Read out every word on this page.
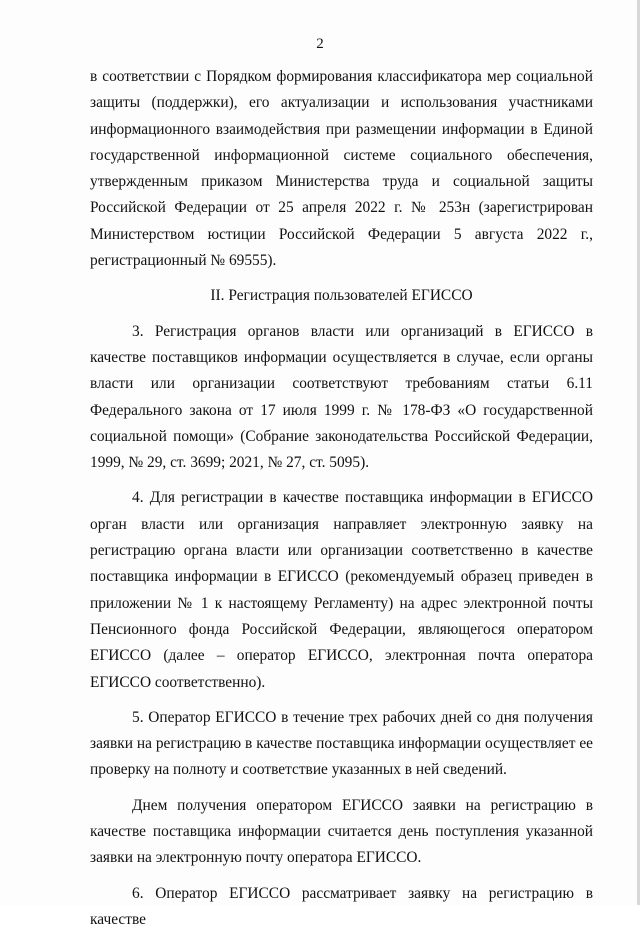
2

в соответствии с Порядком формирования классификатора мер социальной защиты (поддержки), его актуализации и использования участниками информационного взаимодействия при размещении информации в Единой государственной информационной системе социального обеспечения, утвержденным приказом Министерства труда и социальной защиты Российской Федерации от 25 апреля 2022 г. № 253н (зарегистрирован Министерством юстиции Российской Федерации 5 августа 2022 г., регистрационный № 69555).

II. Регистрация пользователей ЕГИССО

3. Регистрация органов власти или организаций в ЕГИССО в качестве поставщиков информации осуществляется в случае, если органы власти или организации соответствуют требованиям статьи 6.11 Федерального закона от 17 июля 1999 г. № 178-ФЗ «О государственной социальной помощи» (Собрание законодательства Российской Федерации, 1999, № 29, ст. 3699; 2021, № 27, ст. 5095).

4. Для регистрации в качестве поставщика информации в ЕГИССО орган власти или организация направляет электронную заявку на регистрацию органа власти или организации соответственно в качестве поставщика информации в ЕГИССО (рекомендуемый образец приведен в приложении № 1 к настоящему Регламенту) на адрес электронной почты Пенсионного фонда Российской Федерации, являющегося оператором ЕГИССО (далее – оператор ЕГИССО, электронная почта оператора ЕГИССО соответственно).

5. Оператор ЕГИССО в течение трех рабочих дней со дня получения заявки на регистрацию в качестве поставщика информации осуществляет ее проверку на полноту и соответствие указанных в ней сведений.

Днем получения оператором ЕГИССО заявки на регистрацию в качестве поставщика информации считается день поступления указанной заявки на электронную почту оператора ЕГИССО.

6. Оператор ЕГИССО рассматривает заявку на регистрацию в качестве
